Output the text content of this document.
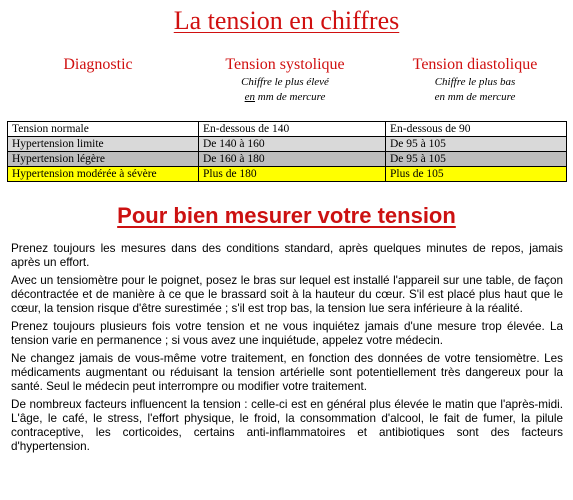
La tension en chiffres
Diagnostic	Tension systolique
Chiffre le plus élevé
en mm de mercure
Tension diastolique
Chiffre le plus bas
en mm de mercure
Tension normale	En-dessous de 140	En-dessous de 90
Hypertension limite	De 140 à 160	De 95 à 105
Hypertension légère	De 160 à 180	De 95 à 105
Hypertension modérée à sévère	Plus de 180	Plus de 105
Pour bien mesurer votre tension

Prenez toujours les mesures dans des conditions standard, après quelques minutes de repos, jamais après un effort.

Avec un tensiomètre pour le poignet, posez le bras sur lequel est installé l'appareil sur une table, de façon décontractée et de manière à ce que le brassard soit à la hauteur du cœur. S'il est placé plus haut que le cœur, la tension risque d'être surestimée ; s'il est trop bas, la tension lue sera inférieure à la réalité.

Prenez toujours plusieurs fois votre tension et ne vous inquiétez jamais d'une mesure trop élevée. La tension varie en permanence ; si vous avez une inquiétude, appelez votre médecin.

Ne changez jamais de vous-même votre traitement, en fonction des données de votre tensiomètre. Les médicaments augmentant ou réduisant la tension artérielle sont potentiellement très dangereux pour la santé. Seul le médecin peut interrompre ou modifier votre traitement.

De nombreux facteurs influencent la tension : celle-ci est en général plus élevée le matin que l'après-midi. L'âge, le café, le stress, l'effort physique, le froid, la consommation d'alcool, le fait de fumer, la pilule contraceptive, les corticoides, certains anti-inflammatoires et antibiotiques sont des facteurs d'hypertension.
